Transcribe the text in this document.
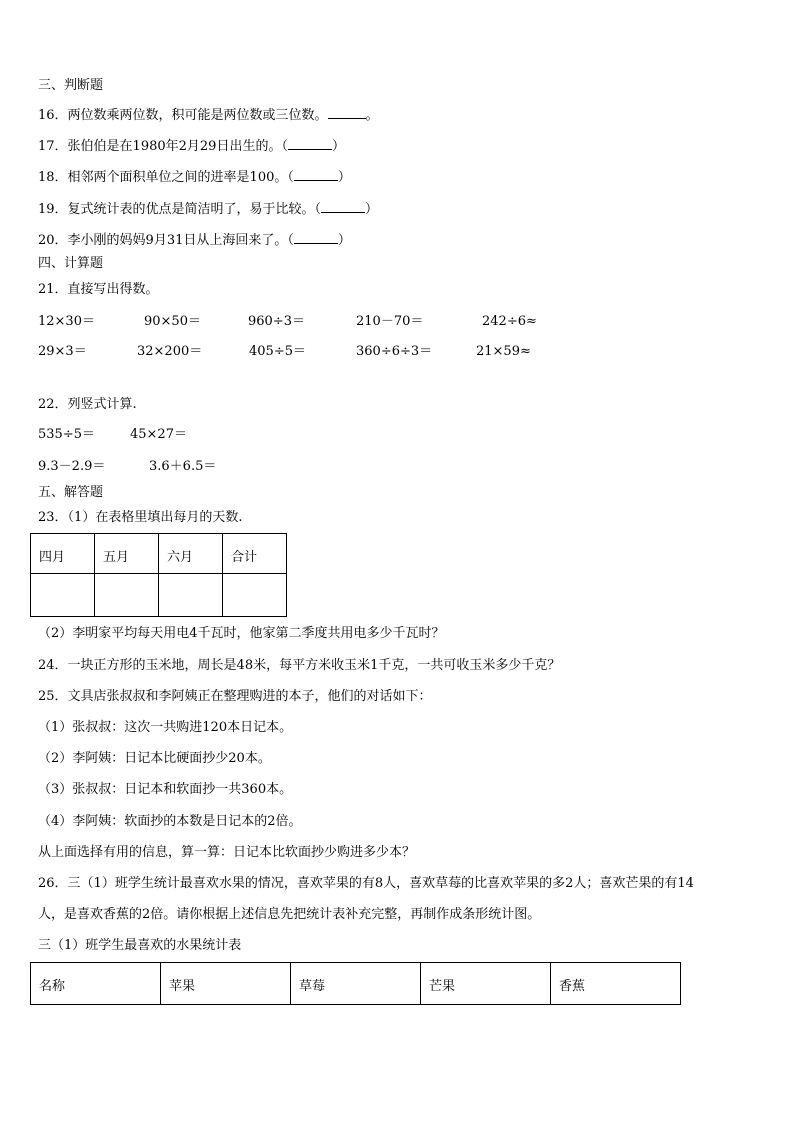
三、判断题
16．两位数乘两位数，积可能是两位数或三位数。	。
17．张伯伯是在1980年2月29日出生的。（	）
18．相邻两个面积单位之间的进率是100。（	）
19．复式统计表的优点是简洁明了，易于比较。（	）
20．李小刚的妈妈9月31日从上海回来了。（	）
四、计算题
21．直接写出得数。
12×30＝	90×50＝	960÷3＝	210－70＝	242÷6≈
29×3＝	32×200＝	405÷5＝	360÷6÷3＝	21×59≈
22．列竖式计算.
535÷5＝	45×27＝
9.3－2.9＝	3.6＋6.5＝
五、解答题
23．（1）在表格里填出每月的天数.
四月	五月	六月	合计

（2）李明家平均每天用电4千瓦时，他家第二季度共用电多少千瓦时？
24．一块正方形的玉米地，周长是48米，每平方米收玉米1千克，一共可收玉米多少千克？
25．文具店张叔叔和李阿姨正在整理购进的本子，他们的对话如下：
（1）张叔叔：这次一共购进120本日记本。
（2）李阿姨：日记本比硬面抄少20本。
（3）张叔叔：日记本和软面抄一共360本。
（4）李阿姨：软面抄的本数是日记本的2倍。
从上面选择有用的信息，算一算：日记本比软面抄少购进多少本？
26．三（1）班学生统计最喜欢水果的情况，喜欢苹果的有8人，喜欢草莓的比喜欢苹果的多2人；喜欢芒果的有14
人，是喜欢香蕉的2倍。请你根据上述信息先把统计表补充完整，再制作成条形统计图。
三（1）班学生最喜欢的水果统计表
名称	苹果	草莓	芒果	香蕉
